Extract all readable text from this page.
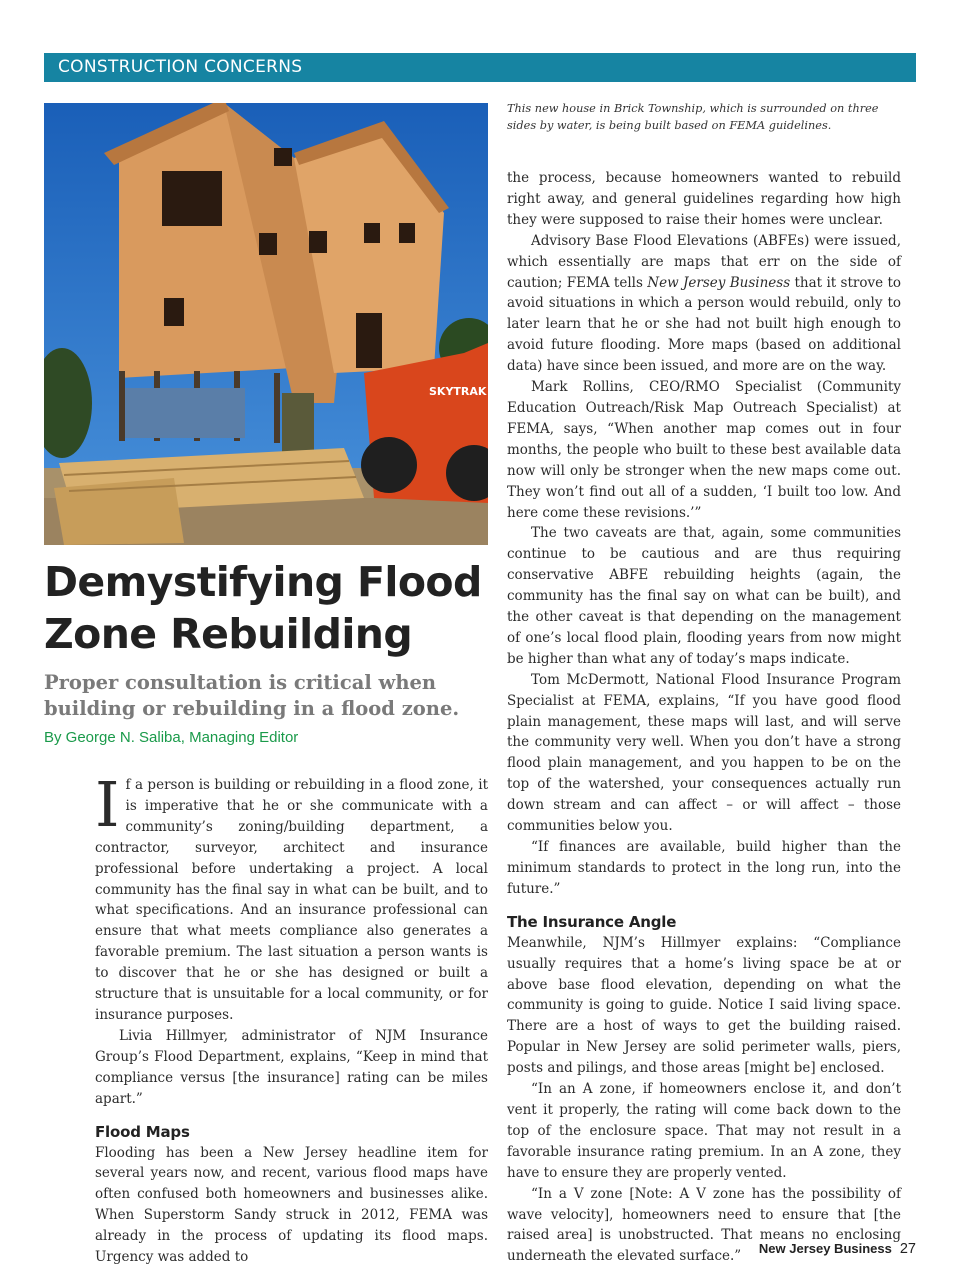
CONSTRUCTION CONCERNS
SKYTRAK
This new house in Brick Township, which is surrounded on three sides by water, is being built based on FEMA guidelines.
Demystifying Flood Zone Rebuilding
Proper consultation is critical when building or rebuilding in a flood zone.
By George N. Saliba, Managing Editor

If a person is building or rebuilding in a flood zone, it is imperative that he or she communicate with a community’s zoning/building department, a contractor, surveyor, architect and insurance professional before undertaking a project. A local community has the final say in what can be built, and to what specifications. And an insurance professional can ensure that what meets compliance also generates a favorable premium. The last situation a person wants is to discover that he or she has designed or built a structure that is unsuitable for a local community, or for insurance purposes.

Livia Hillmyer, administrator of NJM Insurance Group’s Flood Department, explains, “Keep in mind that compliance versus [the insurance] rating can be miles apart.”

Flood Maps

Flooding has been a New Jersey headline item for several years now, and recent, various flood maps have often confused both homeowners and businesses alike. When Superstorm Sandy struck in 2012, FEMA was already in the process of updating its flood maps. Urgency was added to

the process, because homeowners wanted to rebuild right away, and general guidelines regarding how high they were supposed to raise their homes were unclear.

Advisory Base Flood Elevations (ABFEs) were issued, which essentially are maps that err on the side of caution; FEMA tells New Jersey Business that it strove to avoid situations in which a person would rebuild, only to later learn that he or she had not built high enough to avoid future flooding. More maps (based on additional data) have since been issued, and more are on the way.

Mark Rollins, CEO/RMO Specialist (Community Education Outreach/Risk Map Outreach Specialist) at FEMA, says, “When another map comes out in four months, the people who built to these best available data now will only be stronger when the new maps come out. They won’t find out all of a sudden, ‘I built too low. And here come these revisions.’”

The two caveats are that, again, some communities continue to be cautious and are thus requiring conservative ABFE rebuilding heights (again, the community has the final say on what can be built), and the other caveat is that depending on the management of one’s local flood plain, flooding years from now might be higher than what any of today’s maps indicate.

Tom McDermott, National Flood Insurance Program Specialist at FEMA, explains, “If you have good flood plain management, these maps will last, and will serve the community very well. When you don’t have a strong flood plain management, and you happen to be on the top of the watershed, your consequences actually run down stream and can affect – or will affect – those communities below you.

“If finances are available, build higher than the minimum standards to protect in the long run, into the future.”

The Insurance Angle

Meanwhile, NJM’s Hillmyer explains: “Compliance usually requires that a home’s living space be at or above base flood elevation, depending on what the community is going to guide. Notice I said living space. There are a host of ways to get the building raised. Popular in New Jersey are solid perimeter walls, piers, posts and pilings, and those areas [might be] enclosed.

“In an A zone, if homeowners enclose it, and don’t vent it properly, the rating will come back down to the top of the enclosure space. That may not result in a favorable insurance rating premium. In an A zone, they have to ensure they are properly vented.

“In a V zone [Note: A V zone has the possibility of wave velocity], homeowners need to ensure that [the raised area] is unobstructed. That means no enclosing underneath the elevated surface.”	New Jersey Business 27
